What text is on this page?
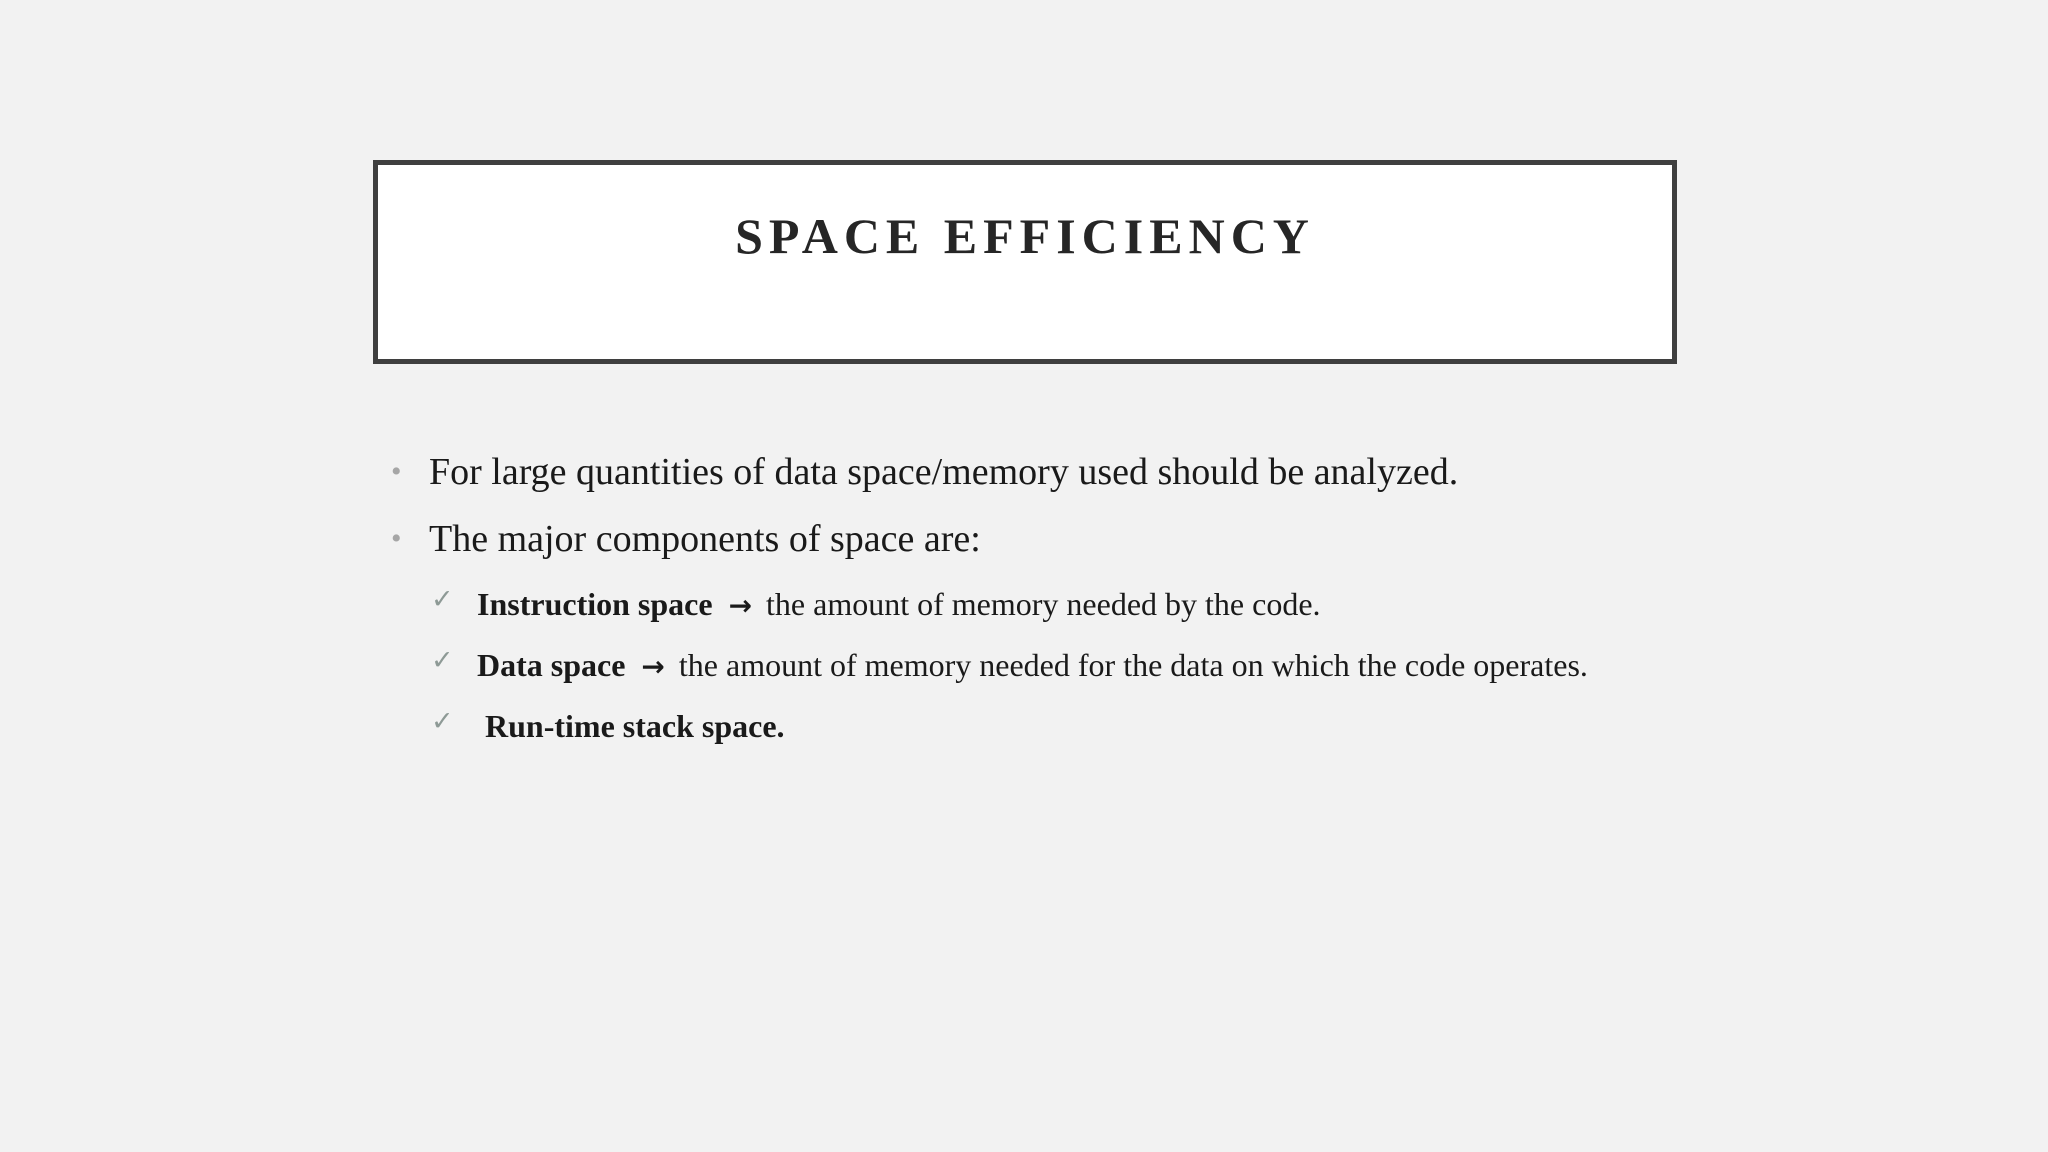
SPACE EFFICIENCY
• For large quantities of data space/memory used should be analyzed.
• The major components of space are:
✓ Instruction space → the amount of memory needed by the code.
✓ Data space → the amount of memory needed for the data on which the code operates.
✓ Run-time stack space.
